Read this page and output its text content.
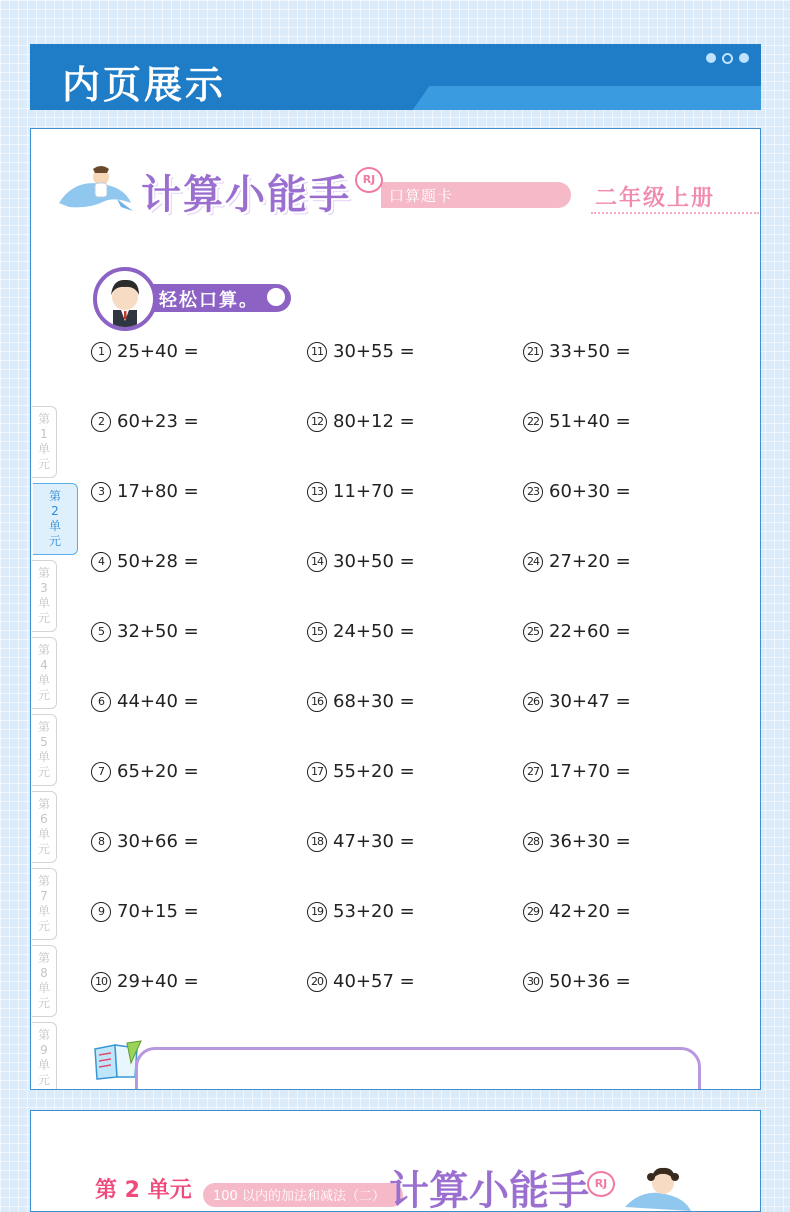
内页展示
计算小能手	RJ
口算题卡	二年级上册
第
1
单
元
第
2
单
元
第
3
单
元
第
4
单
元
第
5
单
元
第
6
单
元
第
7
单
元
第
8
单
元
第
9
单
元
轻松口算。
1 25+40 =
2 60+23 =
3 17+80 =
4 50+28 =
5 32+50 =
6 44+40 =
7 65+20 =
8 30+66 =
9 70+15 =
10 29+40 =
11 30+55 =
12 80+12 =
13 11+70 =
14 30+50 =
15 24+50 =
16 68+30 =
17 55+20 =
18 47+30 =
19 53+20 =
20 40+57 =
21 33+50 =
22 51+40 =
23 60+30 =
24 27+20 =
25 22+60 =
26 30+47 =
27 17+70 =
28 36+30 =
29 42+20 =
30 50+36 =
第 2 单元 100 以内的加法和减法（二） 计算小能手 RJ
